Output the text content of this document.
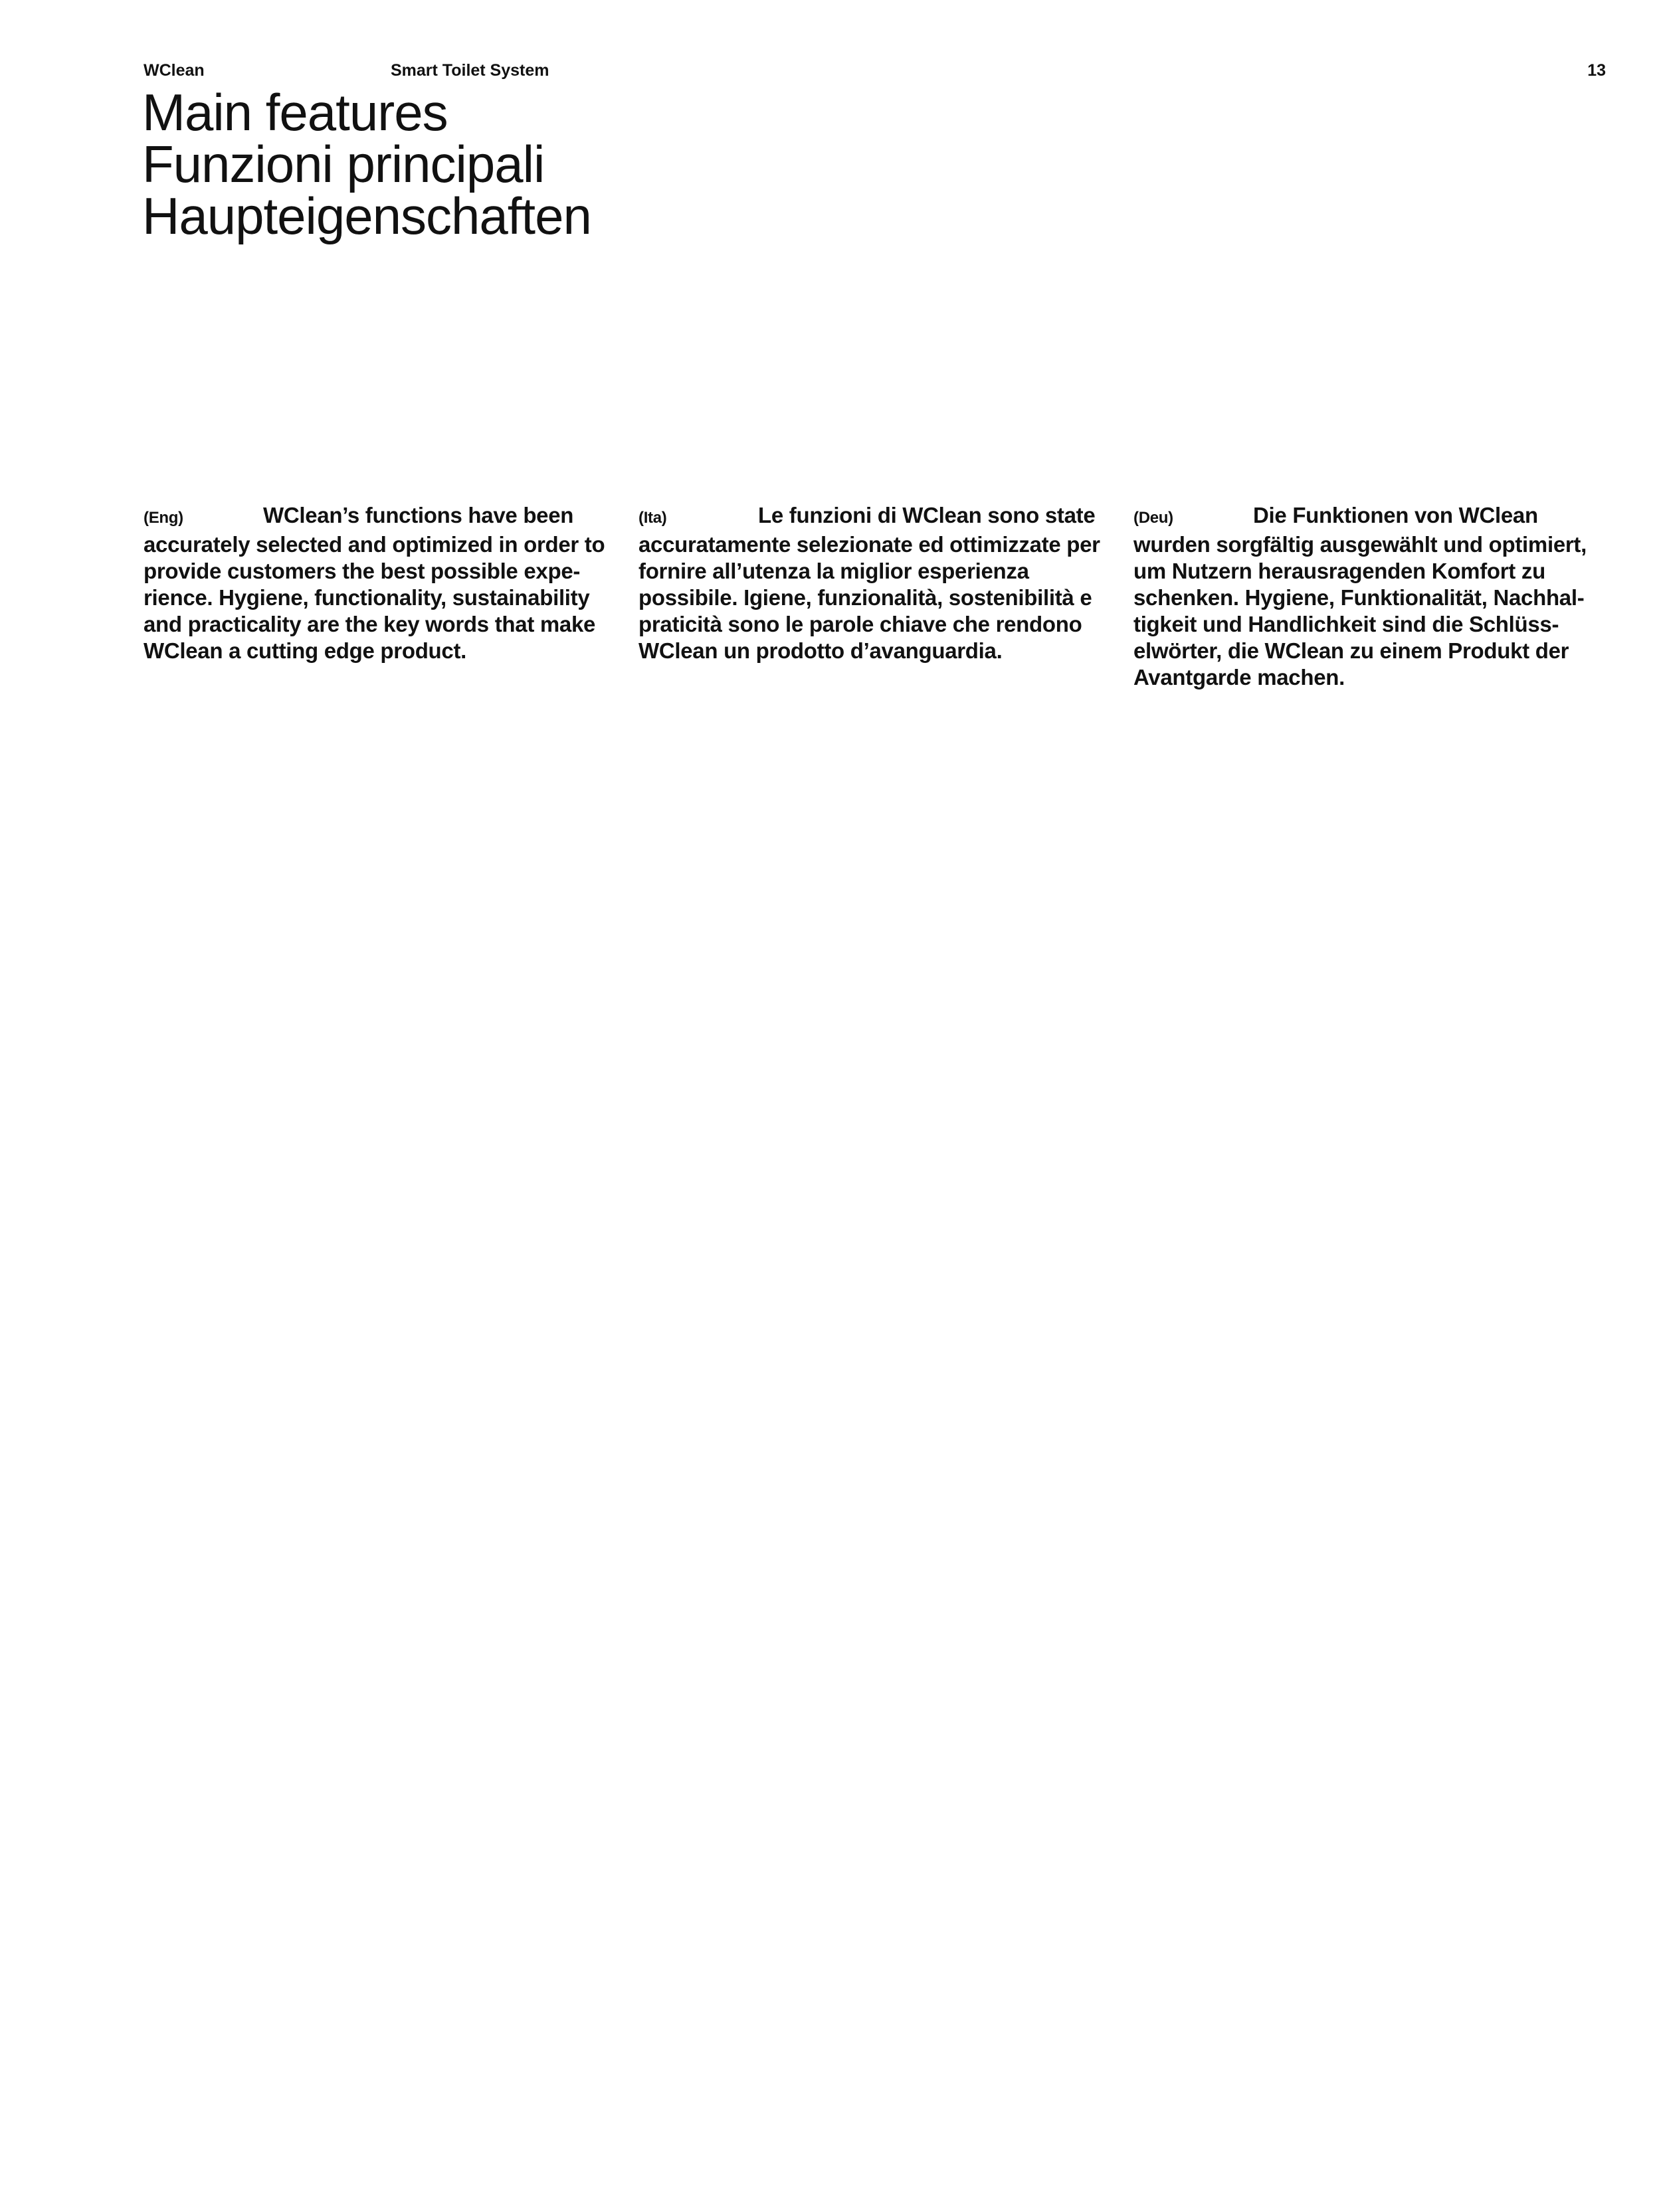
WClean	Smart Toilet System	13
Main features
Funzioni principali
Haupteigenschaften

(Eng)	WClean’s functions have been accurately selected and optimized in order to provide customers the best possible experience. Hygiene, functionality, sustainability and practicality are the key words that make WClean a cutting edge product.

(Ita)	Le funzioni di WClean sono state accuratamente selezionate ed ottimizzate per fornire all’utenza la miglior esperienza possibile. Igiene, funzionalità, sostenibilità e praticità sono le parole chiave che rendono WClean un prodotto d’avanguardia.

(Deu)	Die Funktionen von WClean wurden sorgfältig ausgewählt und optimiert, um Nutzern herausragenden Komfort zu schenken. Hygiene, Funktionalität, Nachhaltigkeit und Handlichkeit sind die Schlüsselwörter, die WClean zu einem Produkt der Avantgarde machen.
